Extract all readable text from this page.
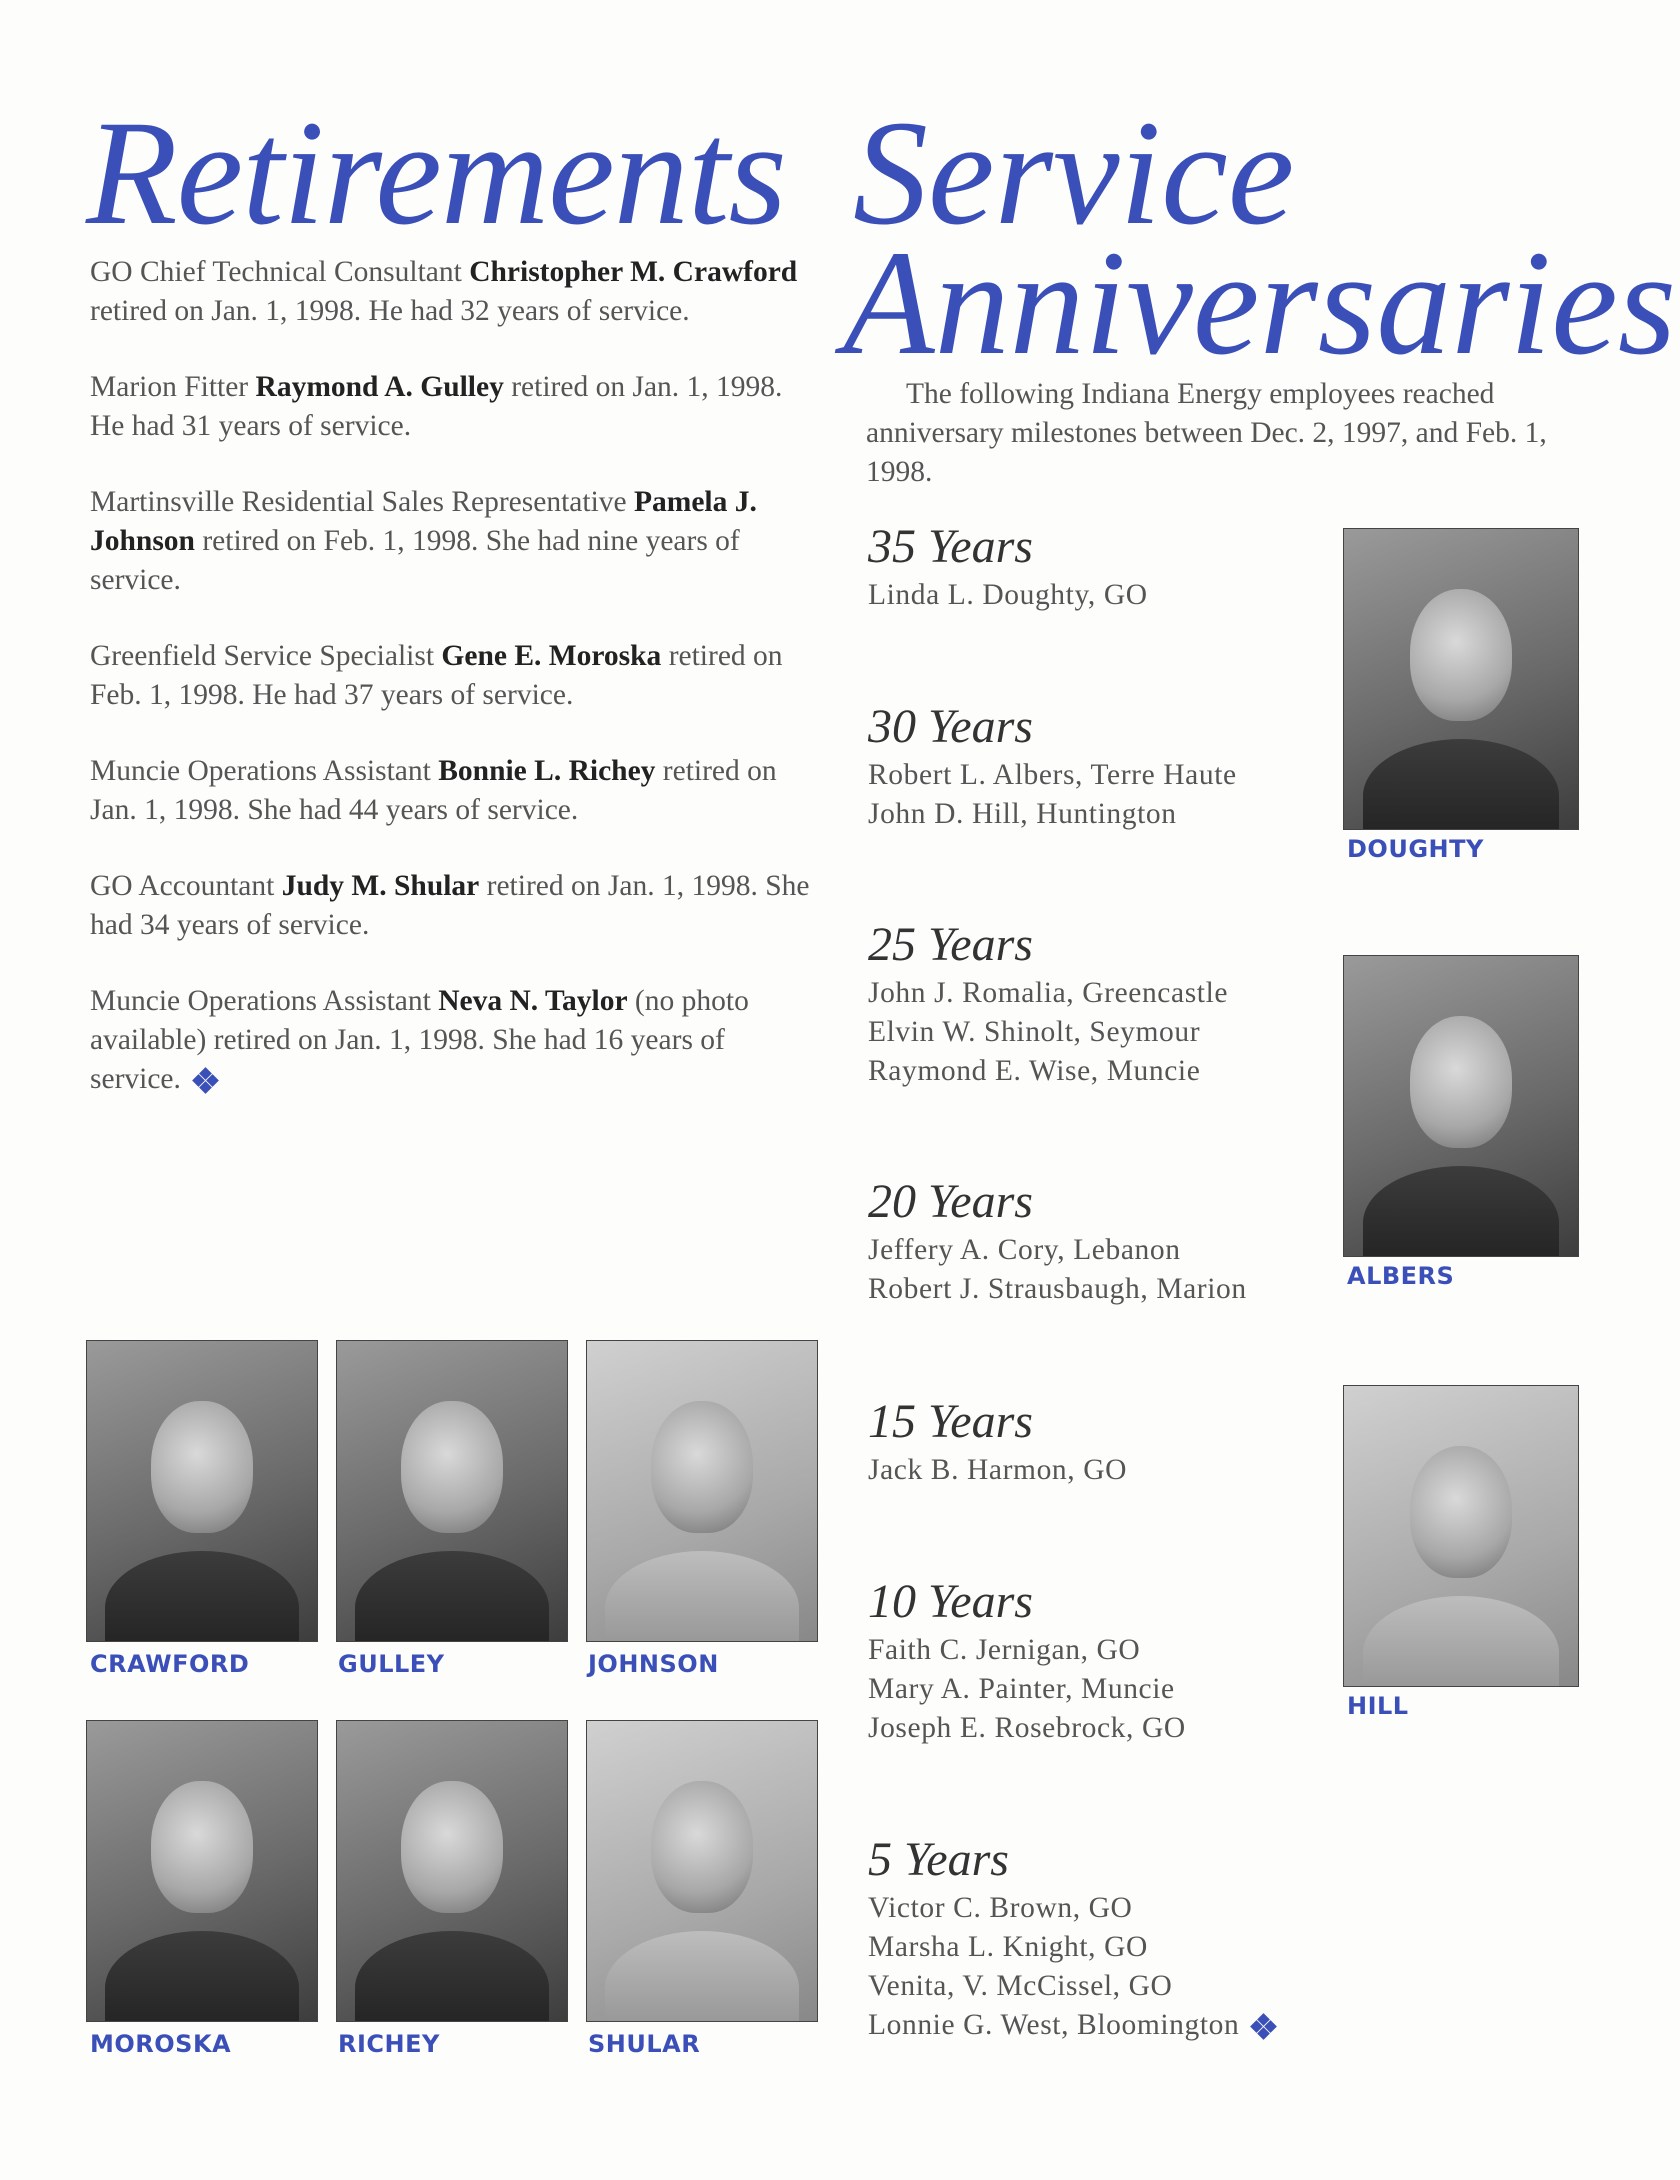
Retirements Service
Anniversaries

GO Chief Technical Consultant Christopher M. Crawford retired on Jan. 1, 1998. He had 32 years of service.

Marion Fitter Raymond A. Gulley retired on Jan. 1, 1998. He had 31 years of service.

Martinsville Residential Sales Representative Pamela J. Johnson retired on Feb. 1, 1998. She had nine years of service.

Greenfield Service Specialist Gene E. Moroska retired on Feb. 1, 1998. He had 37 years of service.

Muncie Operations Assistant Bonnie L. Richey retired on Jan. 1, 1998. She had 44 years of service.

GO Accountant Judy M. Shular retired on Jan. 1, 1998. She had 34 years of service.

Muncie Operations Assistant Neva N. Taylor (no photo available) retired on Jan. 1, 1998. She had 16 years of service.

CRAWFORD	GULLEY	JOHNSON
MOROSKA	RICHEY	SHULAR

The following Indiana Energy employees reached anniversary milestones between Dec. 2, 1997, and Feb. 1, 1998.

35 Years
Linda L. Doughty, GO
30 Years
Robert L. Albers, Terre Haute
John D. Hill, Huntington
25 Years
John J. Romalia, Greencastle
Elvin W. Shinolt, Seymour
Raymond E. Wise, Muncie
20 Years
Jeffery A. Cory, Lebanon
Robert J. Strausbaugh, Marion
15 Years
Jack B. Harmon, GO
10 Years
Faith C. Jernigan, GO
Mary A. Painter, Muncie
Joseph E. Rosebrock, GO
5 Years
Victor C. Brown, GO
Marsha L. Knight, GO
Venita, V. McCissel, GO
Lonnie G. West, Bloomington
DOUGHTY
ALBERS
HILL
